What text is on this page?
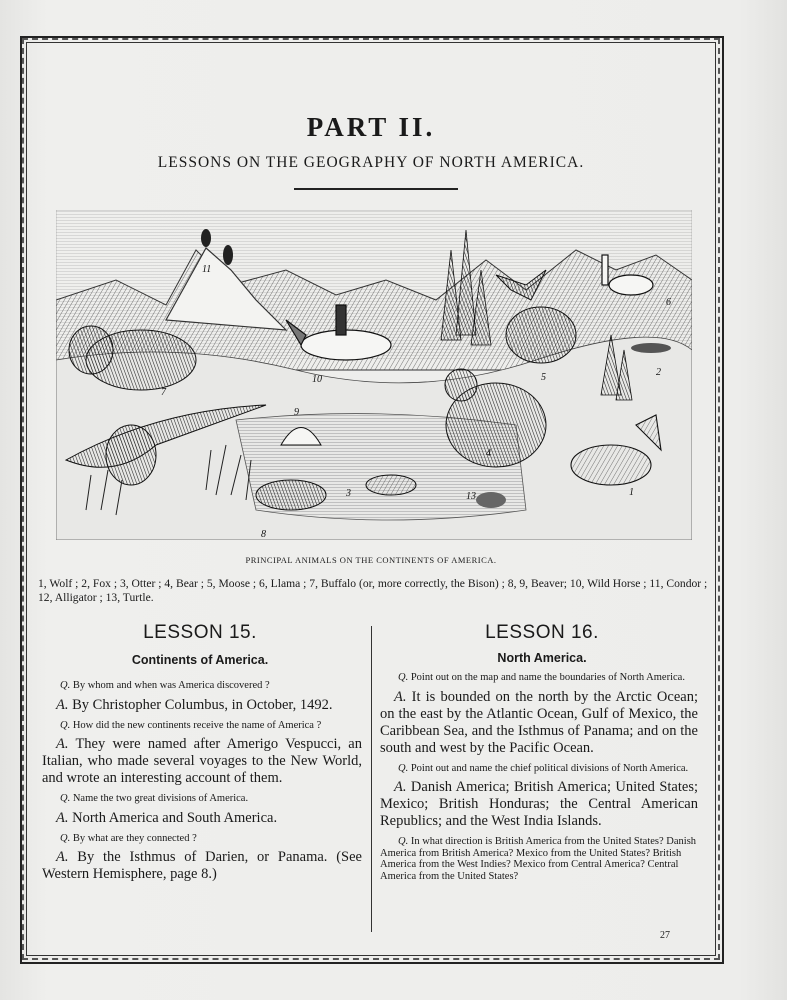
PART II.
LESSONS ON THE GEOGRAPHY OF NORTH AMERICA.
11
6
7
10	5	2
9
4
8
3	13	1
PRINCIPAL ANIMALS ON THE CONTINENTS OF AMERICA.
1, Wolf ; 2, Fox ; 3, Otter ; 4, Bear ; 5, Moose ; 6, Llama ; 7, Buffalo (or, more correctly, the Bison) ; 8, 9, Beaver; 10, Wild Horse ; 11, Condor ; 12, Alligator ; 13, Turtle.
LESSON 15.
Continents of America.

Q. By whom and when was America discovered ?

A. By Christopher Columbus, in October, 1492.

Q. How did the new continents receive the name of America ?

A. They were named after Amerigo Vespucci, an Italian, who made several voyages to the New World, and wrote an interesting account of them.

Q. Name the two great divisions of America.

A. North America and South America.

Q. By what are they connected ?

A. By the Isthmus of Darien, or Panama. (See Western Hemisphere, page 8.)

LESSON 16.
North America.

Q. Point out on the map and name the boundaries of North America.

A. It is bounded on the north by the Arctic Ocean; on the east by the Atlantic Ocean, Gulf of Mexico, the Caribbean Sea, and the Isthmus of Panama; and on the south and west by the Pacific Ocean.

Q. Point out and name the chief political divisions of North America.

A. Danish America; British America; United States; Mexico; British Honduras; the Central American Republics; and the West India Islands.

Q. In what direction is British America from the United States? Danish America from British America? Mexico from the United States? British America from the West Indies? Mexico from Central America? Central America from the United States?

27
